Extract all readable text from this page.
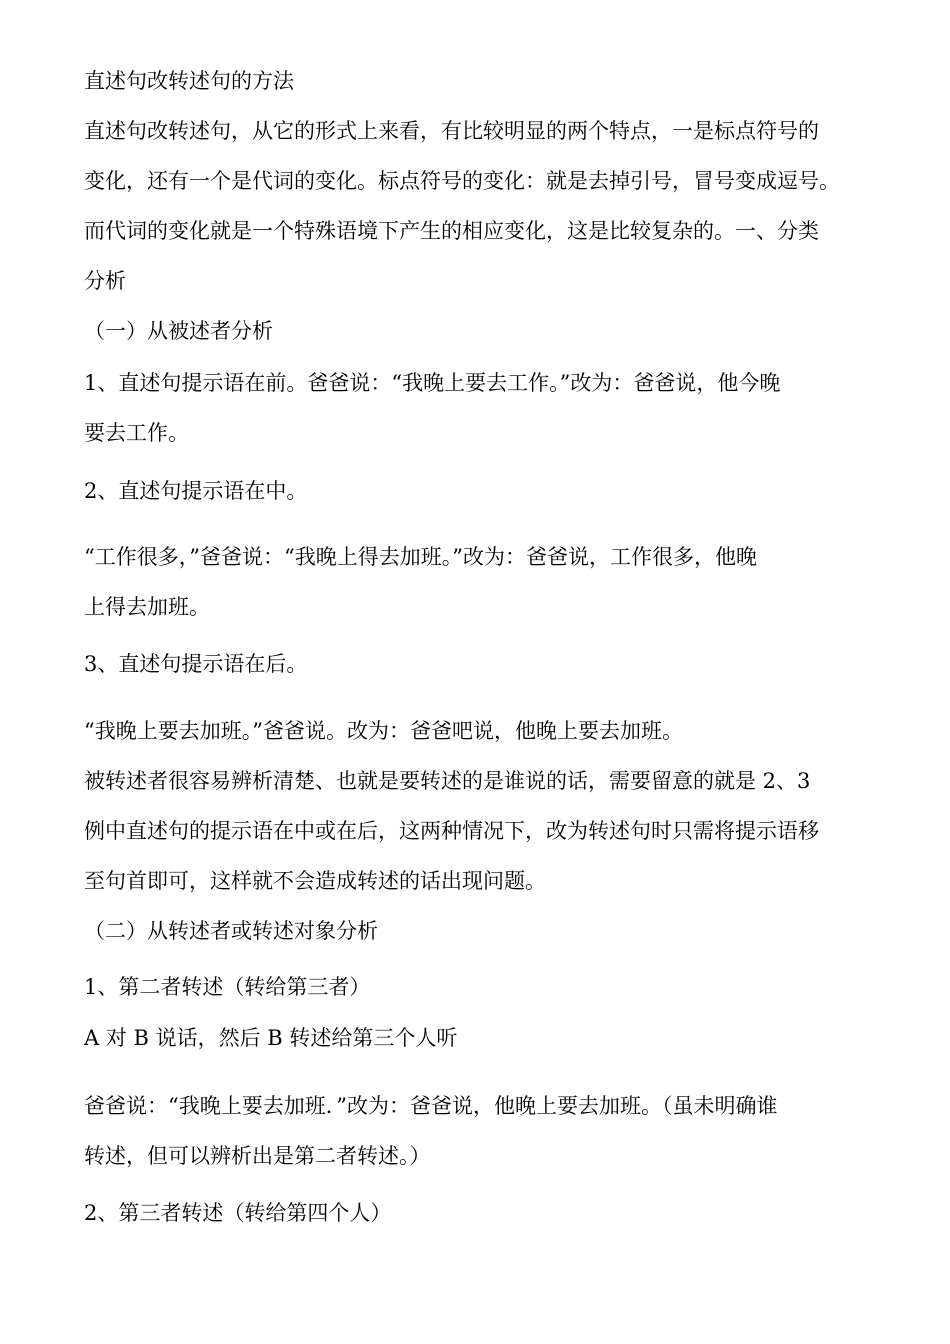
直述句改转述句的方法
直述句改转述句，从它的形式上来看，有比较明显的两个特点，一是标点符号的
变化，还有一个是代词的变化。标点符号的变化：就是去掉引号，冒号变成逗号。
而代词的变化就是一个特殊语境下产生的相应变化，这是比较复杂的。一、分类
分析
（一）从被述者分析
1、直述句提示语在前。爸爸说：“我晚上要去工作。”改为：爸爸说，他今晚
要去工作。
2、直述句提示语在中。
“工作很多，”爸爸说：“我晚上得去加班。”改为：爸爸说，工作很多，他晚
上得去加班。
3、直述句提示语在后。
“我晚上要去加班。”爸爸说。改为：爸爸吧说，他晚上要去加班。
被转述者很容易辨析清楚、也就是要转述的是谁说的话，需要留意的就是 2、3
例中直述句的提示语在中或在后，这两种情况下，改为转述句时只需将提示语移
至句首即可，这样就不会造成转述的话出现问题。
（二）从转述者或转述对象分析
1、第二者转述（转给第三者）
A 对 B 说话，然后 B 转述给第三个人听
爸爸说：“我晚上要去加班．”改为：爸爸说，他晚上要去加班。（虽未明确谁
转述，但可以辨析出是第二者转述。）
2、第三者转述（转给第四个人）
